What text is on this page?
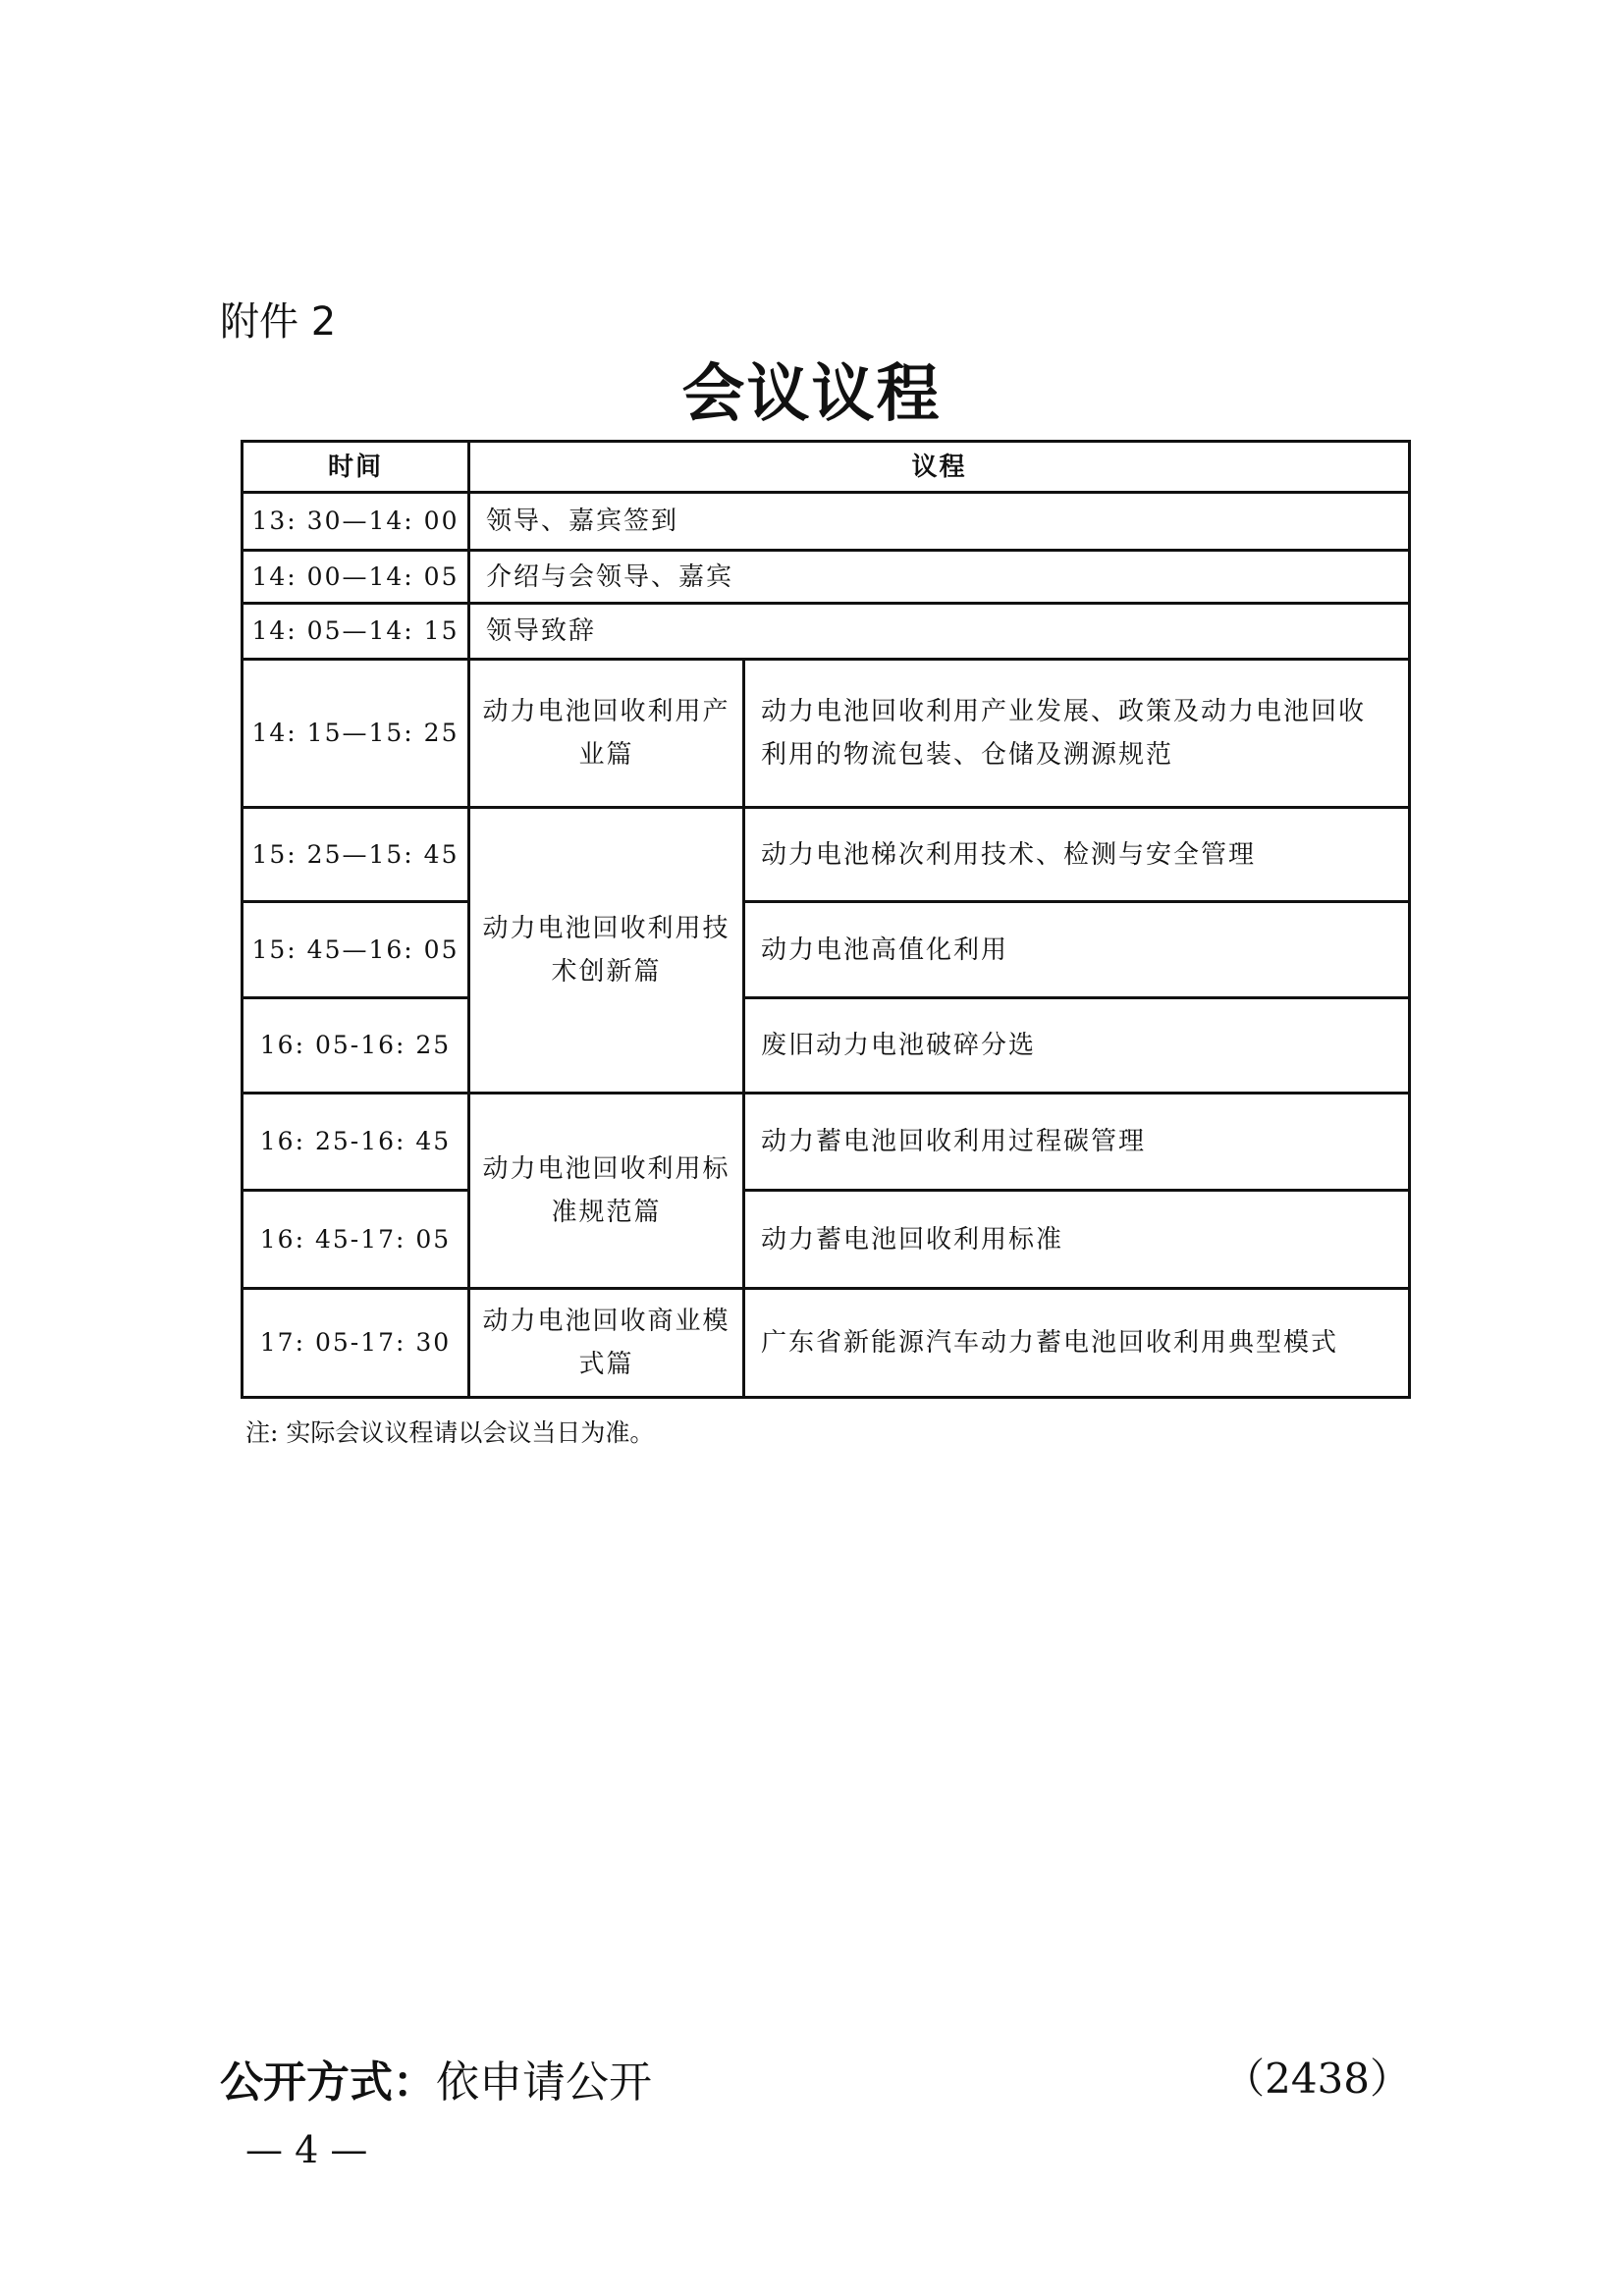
附件 2
会议议程
时间	议程	
13: 30—14: 00	领导、嘉宾签到	
14: 00—14: 05	介绍与会领导、嘉宾	
14: 05—14: 15	领导致辞	
14: 15—15: 25	动力电池回收利用产业篇	动力电池回收利用产业发展、政策及动力电池回收利用的物流包装、仓储及溯源规范
15: 25—15: 45	动力电池回收利用技术创新篇	动力电池梯次利用技术、检测与安全管理
15: 45—16: 05		动力电池高值化利用
16: 05-16: 25		废旧动力电池破碎分选
16: 25-16: 45	动力电池回收利用标准规范篇	动力蓄电池回收利用过程碳管理
16: 45-17: 05		动力蓄电池回收利用标准
17: 05-17: 30	动力电池回收商业模式篇	广东省新能源汽车动力蓄电池回收利用典型模式
注: 实际会议议程请以会议当日为准。
公开方式：依申请公开	（2438）
— 4 —
